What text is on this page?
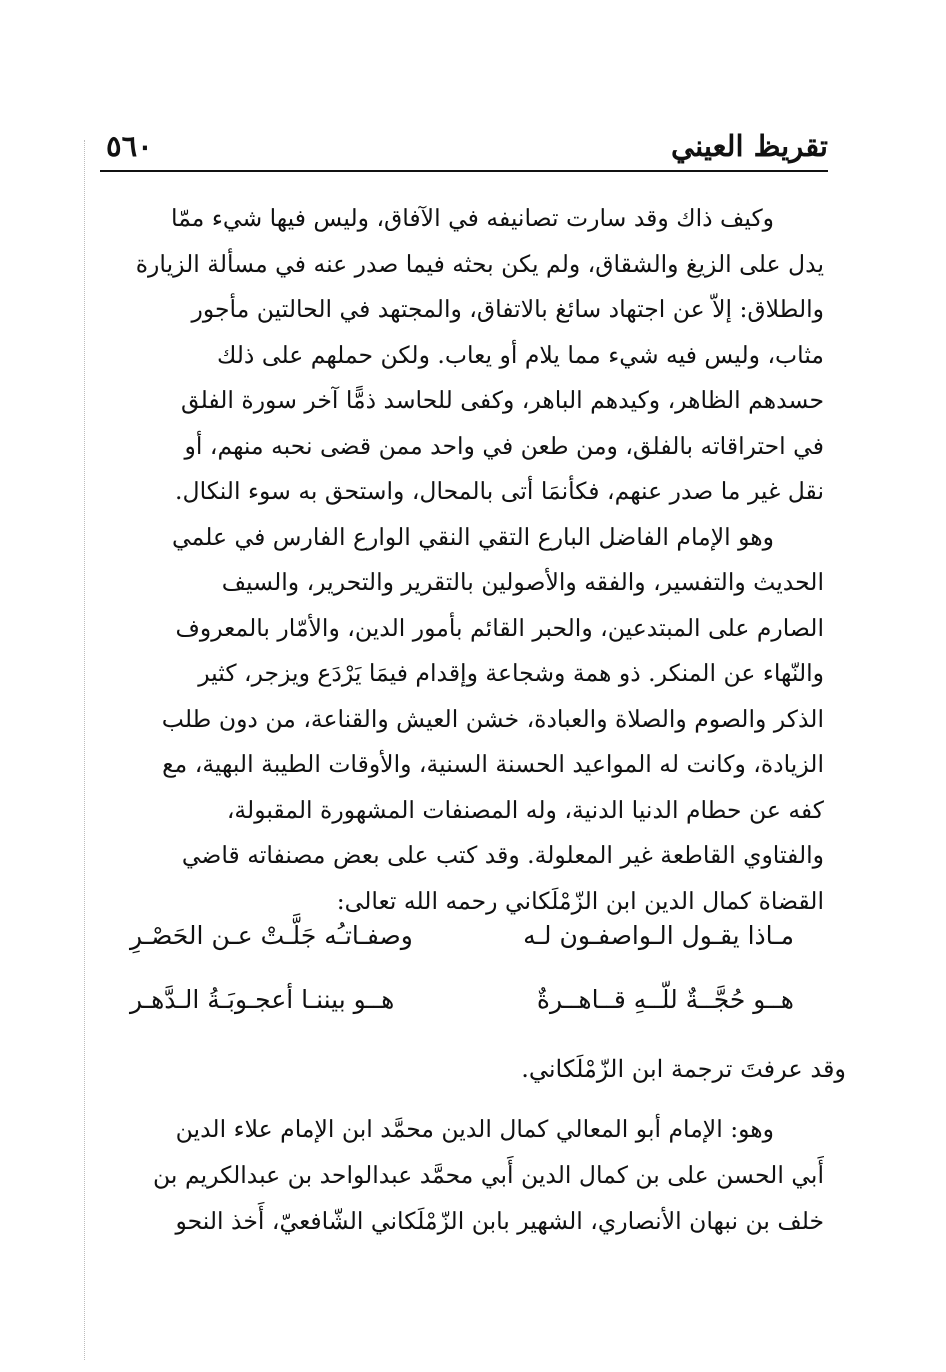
تقريظ العيني
٥٦٠
وكيف ذاك وقد سارت تصانيفه في الآفاق، وليس فيها شيء ممّا
يدل على الزيغ والشقاق، ولم يكن بحثه فيما صدر عنه في مسألة الزيارة
والطلاق: إلاّ عن اجتهاد سائغ بالاتفاق، والمجتهد في الحالتين مأجور
مثاب، وليس فيه شيء مما يلام أو يعاب. ولكن حملهم على ذلك
حسدهم الظاهر، وكيدهم الباهر، وكفى للحاسد ذمًّا آخر سورة الفلق
في احتراقاته بالفلق، ومن طعن في واحد ممن قضى نحبه منهم، أو
نقل غير ما صدر عنهم، فكأنمَا أتى بالمحال، واستحق به سوء النكال.
وهو الإمام الفاضل البارع التقي النقي الوارع الفارس في علمي
الحديث والتفسير، والفقه والأصولين بالتقرير والتحرير، والسيف
الصارم على المبتدعين، والحبر القائم بأمور الدين، والأمّار بالمعروف
والنّهاء عن المنكر. ذو همة وشجاعة وإقدام فيمَا يَرْدَع ويزجر، كثير
الذكر والصوم والصلاة والعبادة، خشن العيش والقناعة، من دون طلب
الزيادة، وكانت له المواعيد الحسنة السنية، والأوقات الطيبة البهية، مع
كفه عن حطام الدنيا الدنية، وله المصنفات المشهورة المقبولة،
والفتاوي القاطعة غير المعلولة. وقد كتب على بعض مصنفاته قاضي
القضاة كمال الدين ابن الزّمْلَكاني رحمه الله تعالى:
مـاذا يقـول الـواصفـون لـه
وصفـاتـُه جَلَّـتْ عـن الحَصْـرِ
هــو حُجَّــةٌ للّــهِ قــاهــرةٌ
هــو بيننـا أعجـوبَـةُ الـدَّهـر
وقد عرفتَ ترجمة ابن الزّمْلَكاني.
وهو: الإمام أبو المعالي كمال الدين محمَّد ابن الإمام علاء الدين
أَبي الحسن على بن كمال الدين أَبي محمَّد عبدالواحد بن عبدالكريم بن
خلف بن نبهان الأنصاري، الشهير بابن الزّمْلَكاني الشّافعيّ، أَخذ النحو
